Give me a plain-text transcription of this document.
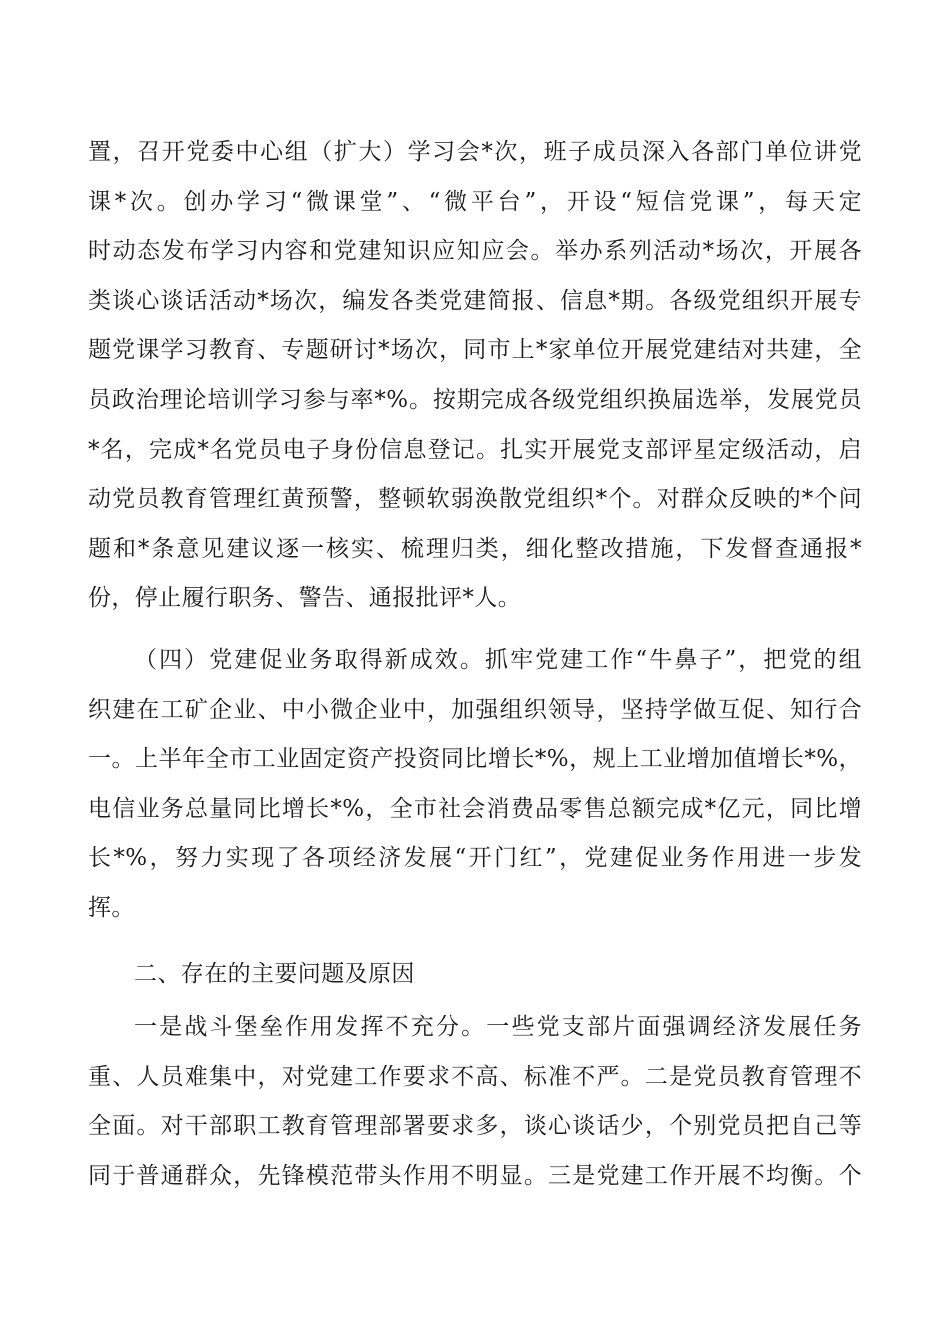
置，召开党委中心组（扩大）学习会*次，班子成员深入各部门单位讲党
课*次。创办学习“微课堂”、“微平台”，开设“短信党课”，每天定
时动态发布学习内容和党建知识应知应会。举办系列活动*场次，开展各
类谈心谈话活动*场次，编发各类党建简报、信息*期。各级党组织开展专
题党课学习教育、专题研讨*场次，同市上*家单位开展党建结对共建，全
员政治理论培训学习参与率*%。按期完成各级党组织换届选举，发展党员
*名，完成*名党员电子身份信息登记。扎实开展党支部评星定级活动，启
动党员教育管理红黄预警，整顿软弱涣散党组织*个。对群众反映的*个问
题和*条意见建议逐一核实、梳理归类，细化整改措施，下发督查通报*
份，停止履行职务、警告、通报批评*人。
（四）党建促业务取得新成效。抓牢党建工作“牛鼻子”，把党的组
织建在工矿企业、中小微企业中，加强组织领导，坚持学做互促、知行合
一。上半年全市工业固定资产投资同比增长*%，规上工业增加值增长*%，
电信业务总量同比增长*%，全市社会消费品零售总额完成*亿元，同比增
长*%，努力实现了各项经济发展“开门红”，党建促业务作用进一步发
挥。
二、存在的主要问题及原因
一是战斗堡垒作用发挥不充分。一些党支部片面强调经济发展任务
重、人员难集中，对党建工作要求不高、标准不严。二是党员教育管理不
全面。对干部职工教育管理部署要求多，谈心谈话少，个别党员把自己等
同于普通群众，先锋模范带头作用不明显。三是党建工作开展不均衡。个
